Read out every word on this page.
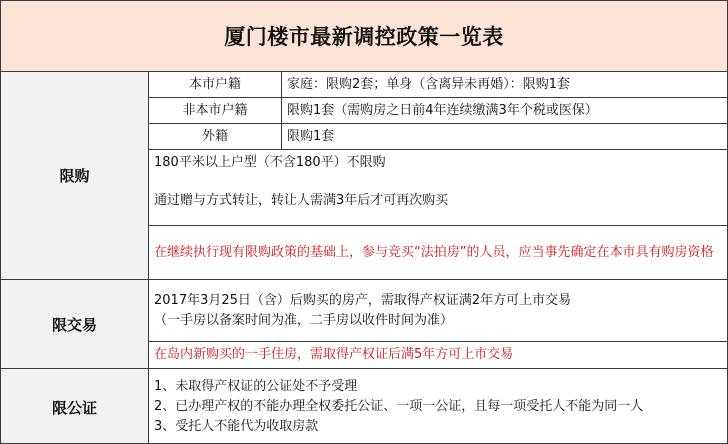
厦门楼市最新调控政策一览表
限购
本市户籍	家庭：限购2套；单身（含离异未再婚）：限购1套
非本市户籍	限购1套（需购房之日前4年连续缴满3年个税或医保）
外籍	限购1套
180平米以上户型（不含180平）不限购
通过赠与方式转让，转让人需满3年后才可再次购买
在继续执行现有限购政策的基础上，参与竞买“法拍房”的人员，应当事先确定在本市具有购房资格
限交易
2017年3月25日（含）后购买的房产，需取得产权证满2年方可上市交易
（一手房以备案时间为准，二手房以收件时间为准）
在岛内新购买的一手住房，需取得产权证后满5年方可上市交易
限公证
1、未取得产权证的公证处不予受理
2、已办理产权的不能办理全权委托公证、一项一公证，且每一项受托人不能为同一人
3、受托人不能代为收取房款
